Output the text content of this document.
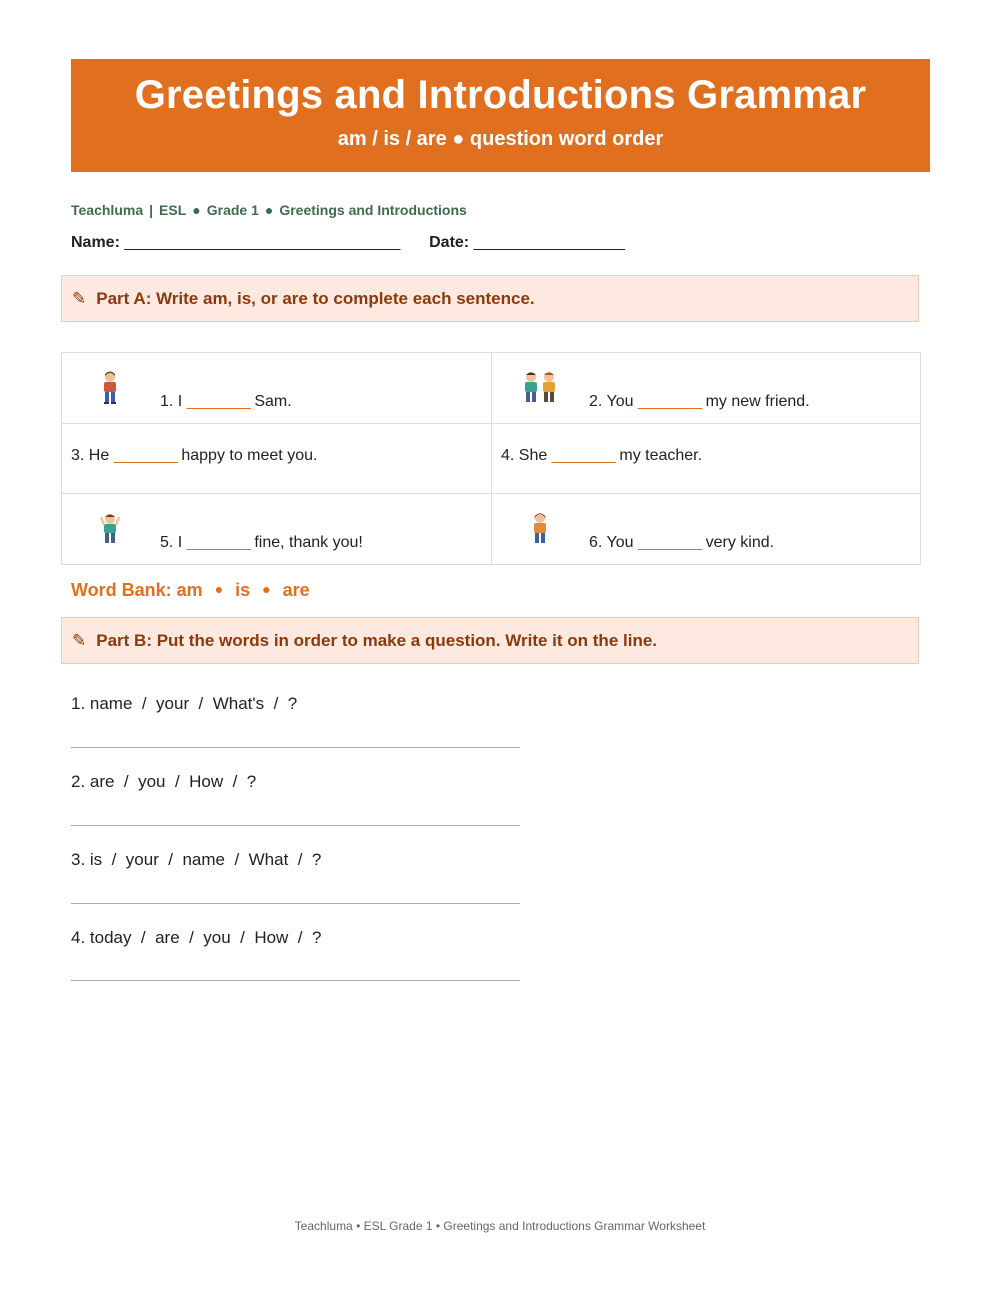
Greetings and Introductions Grammar
am / is / are ● question word order
Teachluma | ESL ● Grade 1 ● Greetings and Introductions
Name: _______________________________ Date: _________________
✎ Part A: Write am, is, or are to complete each sentence.
1. I ________ Sam.	2. You ________ my new friend.
3. He ________ happy to meet you.	4. She ________ my teacher.
5. I ________ fine, thank you!	6. You ________ very kind.
Word Bank: am ● is ● are
✎ Part B: Put the words in order to make a question. Write it on the line.
1. name  /  your  /  What's  /  ?
2. are  /  you  /  How  /  ?
3. is  /  your  /  name  /  What  /  ?
4. today  /  are  /  you  /  How  /  ?
Teachluma • ESL Grade 1 • Greetings and Introductions Grammar Worksheet
